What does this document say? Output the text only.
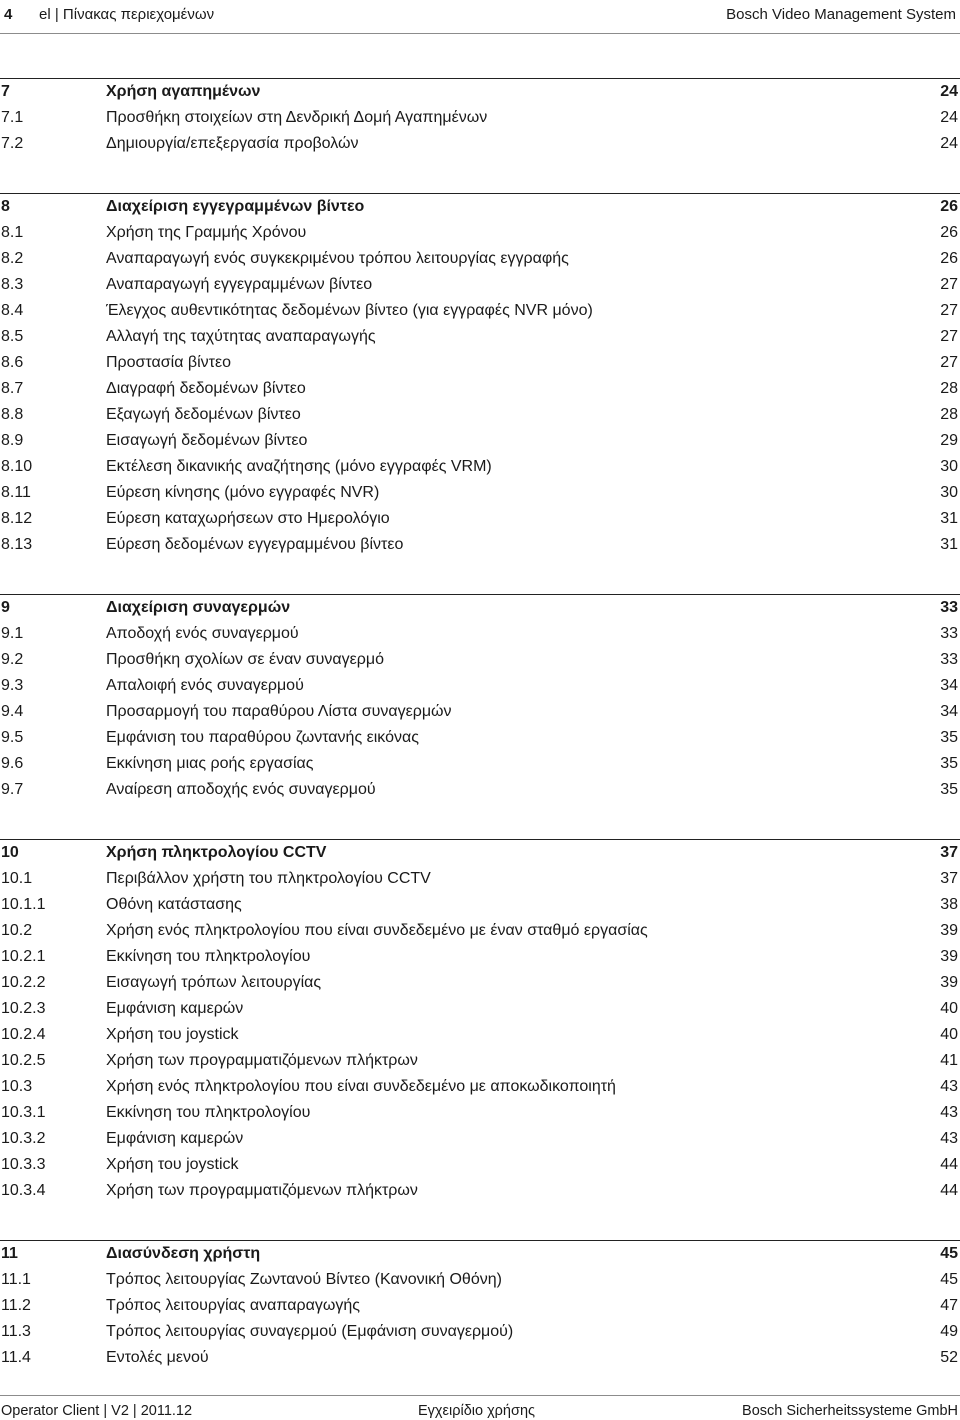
4 el | Πίνακας περιεχομένων	Bosch Video Management System
7	Χρήση αγαπημένων	24
7.1	Προσθήκη στοιχείων στη Δενδρική Δομή Αγαπημένων	24
7.2	Δημιουργία/επεξεργασία προβολών	24
8	Διαχείριση εγγεγραμμένων βίντεο	26
8.1	Χρήση της Γραμμής Χρόνου	26
8.2	Αναπαραγωγή ενός συγκεκριμένου τρόπου λειτουργίας εγγραφής	26
8.3	Αναπαραγωγή εγγεγραμμένων βίντεο	27
8.4	Έλεγχος αυθεντικότητας δεδομένων βίντεο (για εγγραφές NVR μόνο)	27
8.5	Αλλαγή της ταχύτητας αναπαραγωγής	27
8.6	Προστασία βίντεο	27
8.7	Διαγραφή δεδομένων βίντεο	28
8.8	Εξαγωγή δεδομένων βίντεο	28
8.9	Εισαγωγή δεδομένων βίντεο	29
8.10	Εκτέλεση δικανικής αναζήτησης (μόνο εγγραφές VRM)	30
8.11	Εύρεση κίνησης (μόνο εγγραφές NVR)	30
8.12	Εύρεση καταχωρήσεων στο Ημερολόγιο	31
8.13	Εύρεση δεδομένων εγγεγραμμένου βίντεο	31
9	Διαχείριση συναγερμών	33
9.1	Αποδοχή ενός συναγερμού	33
9.2	Προσθήκη σχολίων σε έναν συναγερμό	33
9.3	Απαλοιφή ενός συναγερμού	34
9.4	Προσαρμογή του παραθύρου Λίστα συναγερμών	34
9.5	Εμφάνιση του παραθύρου ζωντανής εικόνας	35
9.6	Εκκίνηση μιας ροής εργασίας	35
9.7	Αναίρεση αποδοχής ενός συναγερμού	35
10	Χρήση πληκτρολογίου CCTV	37
10.1	Περιβάλλον χρήστη του πληκτρολογίου CCTV	37
10.1.1	Οθόνη κατάστασης	38
10.2	Χρήση ενός πληκτρολογίου που είναι συνδεδεμένο με έναν σταθμό εργασίας	39
10.2.1	Εκκίνηση του πληκτρολογίου	39
10.2.2	Εισαγωγή τρόπων λειτουργίας	39
10.2.3	Εμφάνιση καμερών	40
10.2.4	Χρήση του joystick	40
10.2.5	Χρήση των προγραμματιζόμενων πλήκτρων	41
10.3	Χρήση ενός πληκτρολογίου που είναι συνδεδεμένο με αποκωδικοποιητή	43
10.3.1	Εκκίνηση του πληκτρολογίου	43
10.3.2	Εμφάνιση καμερών	43
10.3.3	Χρήση του joystick	44
10.3.4	Χρήση των προγραμματιζόμενων πλήκτρων	44
11	Διασύνδεση χρήστη	45
11.1	Τρόπος λειτουργίας Ζωντανού Βίντεο (Κανονική Οθόνη)	45
11.2	Τρόπος λειτουργίας αναπαραγωγής	47
11.3	Τρόπος λειτουργίας συναγερμού (Εμφάνιση συναγερμού)	49
11.4	Εντολές μενού	52
Operator Client | V2 | 2011.12	Εγχειρίδιο χρήσης	Bosch Sicherheitssysteme GmbH
